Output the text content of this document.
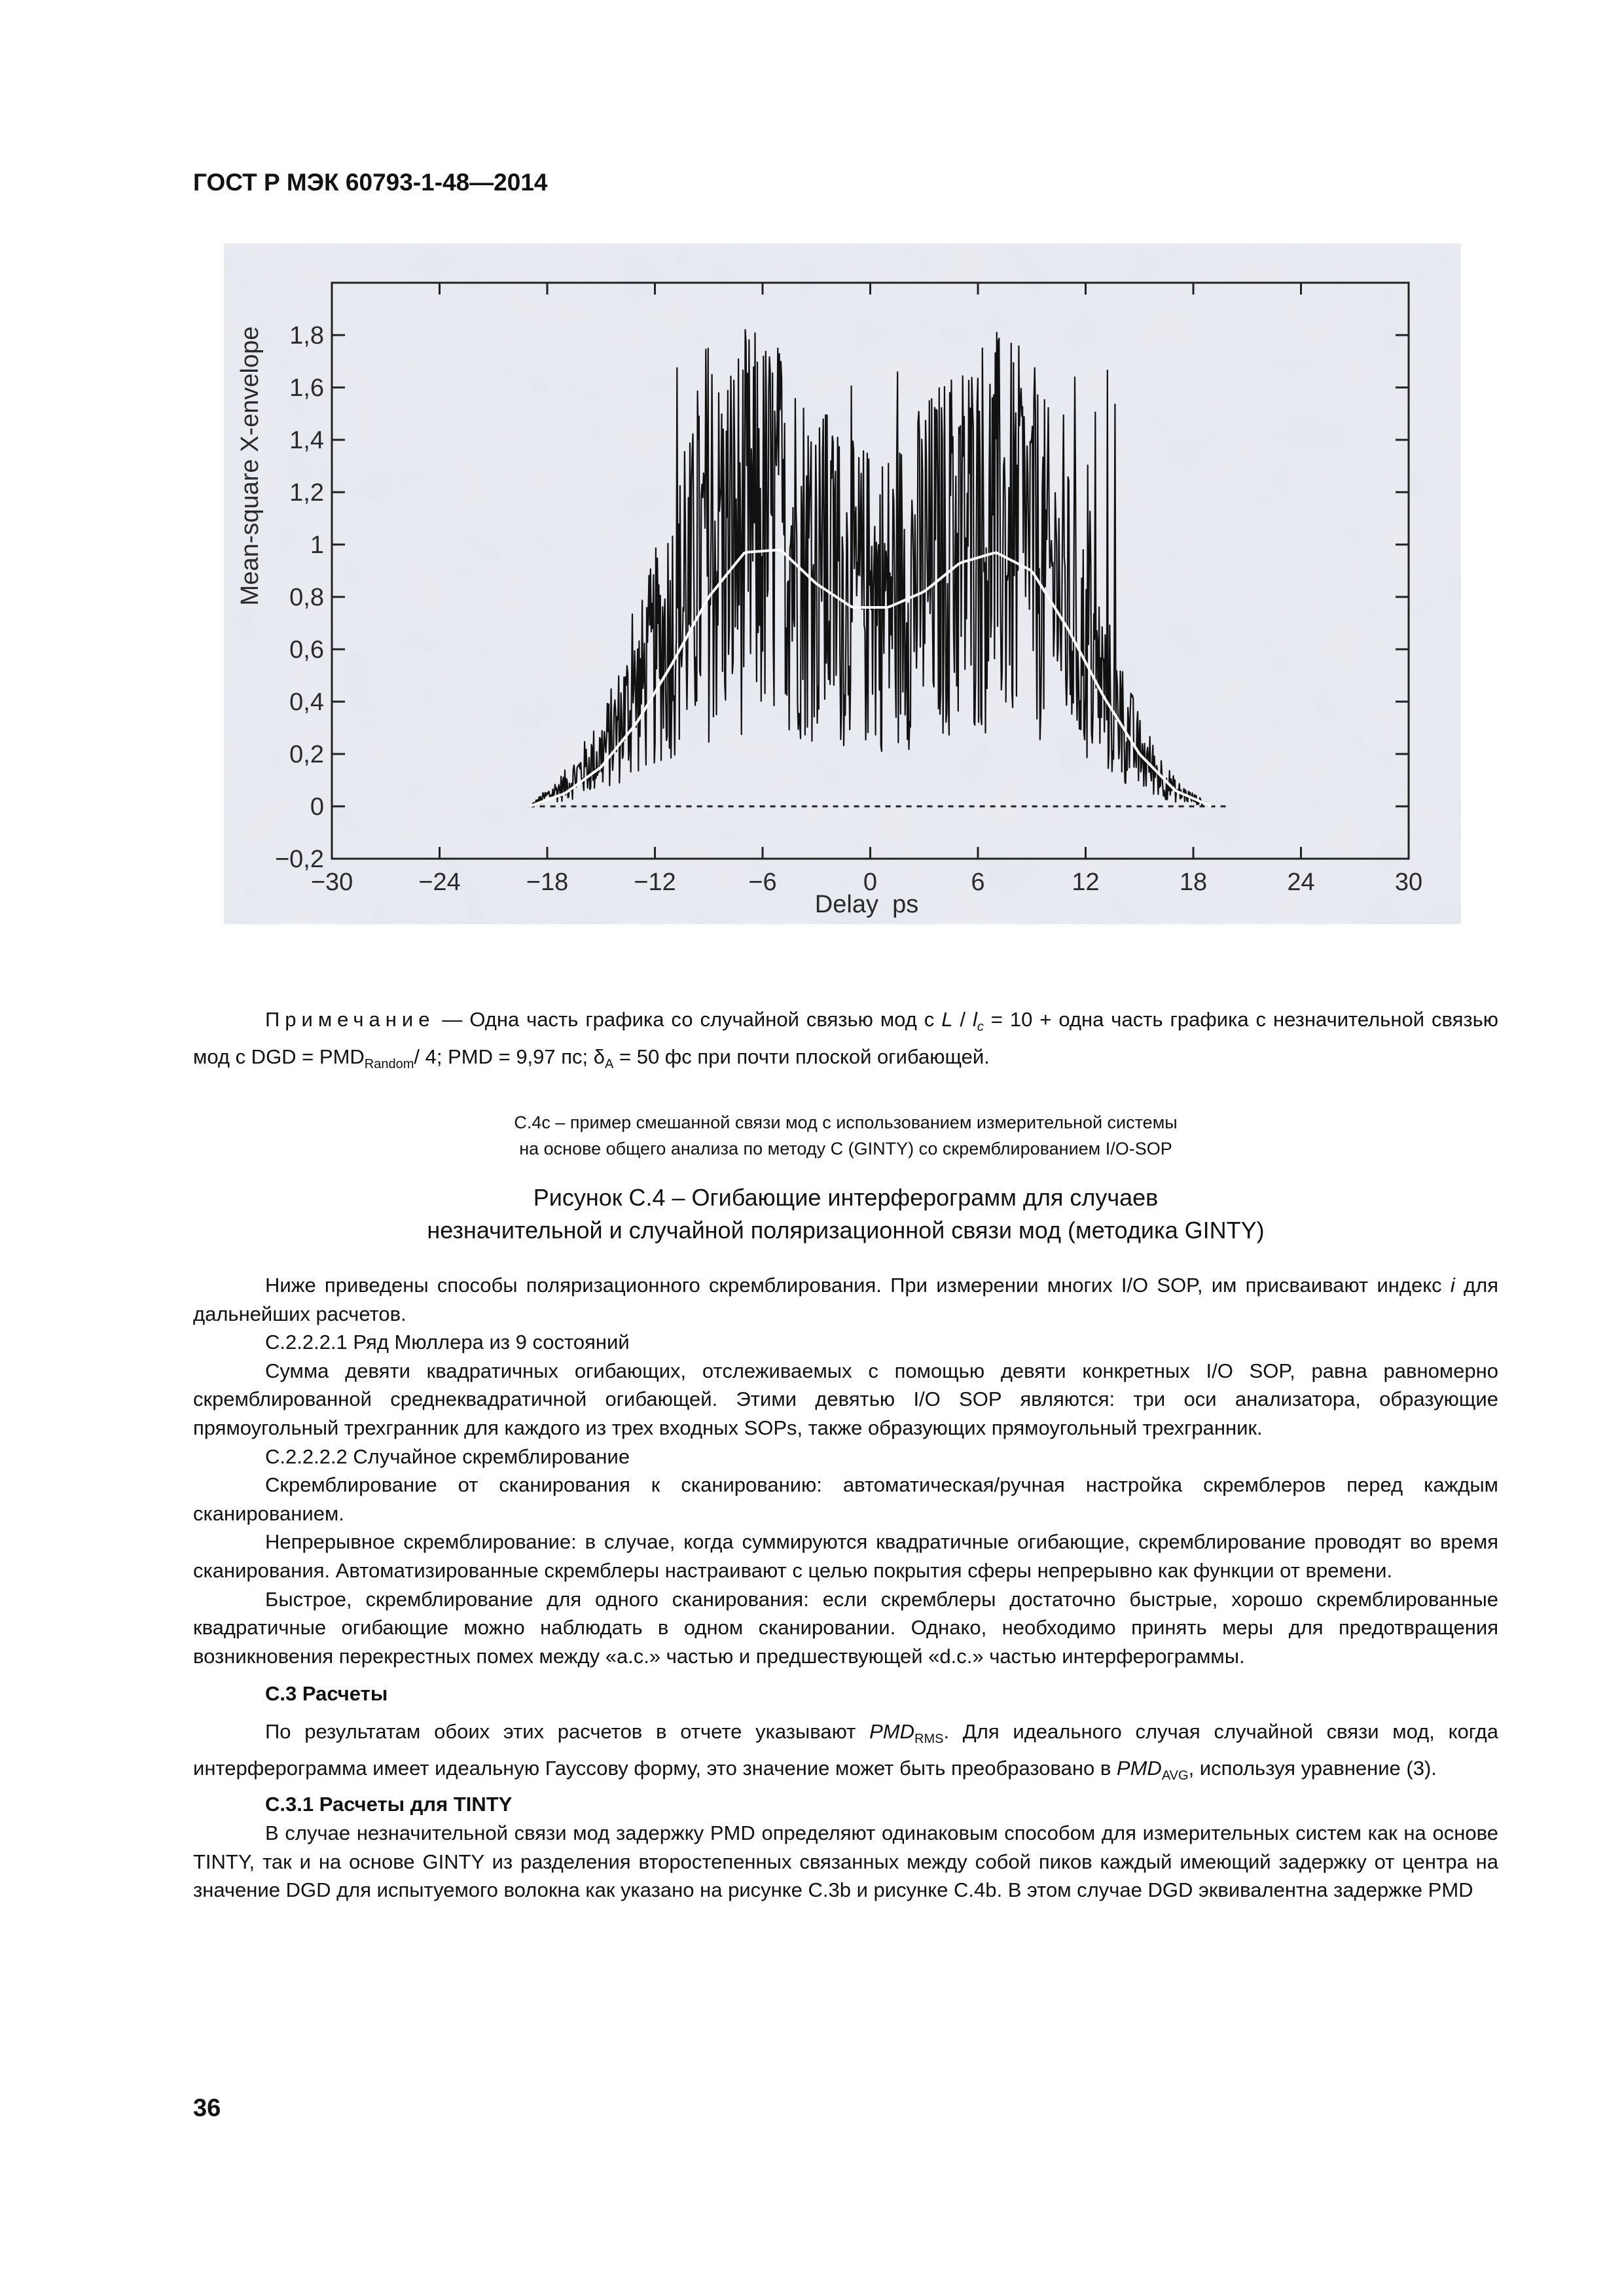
ГОСТ Р МЭК 60793-1-48—2014
−30	−24	−18	−12	−6	0	6	12	18	24	30
−0,2
0
0,2
0,4
0,6
0,8
1
1,2
1,4
1,6
1,8
Mean-square X-envelope
Delay  ps
Примечание — Одна часть графика со случайной связью мод с $L / l_c = 10$ + одна часть графика с незначительной связью мод с DGD = $PMD_{Random}/$ 4; PMD = 9,97 пс; $\delta_A = 50$ фс при почти плоской огибающей.
С.4c – пример смешанной связи мод с использованием измерительной системы
на основе общего анализа по методу C (GINTY) со скремблированием I/O-SOP
Рисунок С.4 – Огибающие интерферограмм для случаев
незначительной и случайной поляризационной связи мод (методика GINTY)

Ниже приведены способы поляризационного скремблирования. При измерении многих I/O SOP, им присваивают индекс i для дальнейших расчетов.

С.2.2.2.1 Ряд Мюллера из 9 состояний

Сумма девяти квадратичных огибающих, отслеживаемых с помощью девяти конкретных I/O SOP, равна равномерно скремблированной среднеквадратичной огибающей. Этими девятью I/O SOP являются: три оси анализатора, образующие прямоугольный трехгранник для каждого из трех входных SOPs, также образующих прямоугольный трехгранник.

С.2.2.2.2 Случайное скремблирование

Скремблирование от сканирования к сканированию: автоматическая/ручная настройка скремблеров перед каждым сканированием.

Непрерывное скремблирование: в случае, когда суммируются квадратичные огибающие, скремблирование проводят во время сканирования. Автоматизированные скремблеры настраивают с целью покрытия сферы непрерывно как функции от времени.

Быстрое, скремблирование для одного сканирования: если скремблеры достаточно быстрые, хорошо скремблированные квадратичные огибающие можно наблюдать в одном сканировании. Однако, необходимо принять меры для предотвращения возникновения перекрестных помех между «a.c.» частью и предшествующей «d.c.» частью интерферограммы.

С.3 Расчеты

По результатам обоих этих расчетов в отчете указывают $PMD_{RMS}$. Для идеального случая случайной связи мод, когда интерферограмма имеет идеальную Гауссову форму, это значение может быть преобразовано в $PMD_{AVG}$, используя уравнение (3).

С.3.1 Расчеты для TINTY

В случае незначительной связи мод задержку PMD определяют одинаковым способом для измерительных систем как на основе TINTY, так и на основе GINTY из разделения второстепенных связанных между собой пиков каждый имеющий задержку от центра на значение DGD для испытуемого волокна как указано на рисунке С.3b и рисунке С.4b. В этом случае DGD эквивалентна задержке PMD

36
